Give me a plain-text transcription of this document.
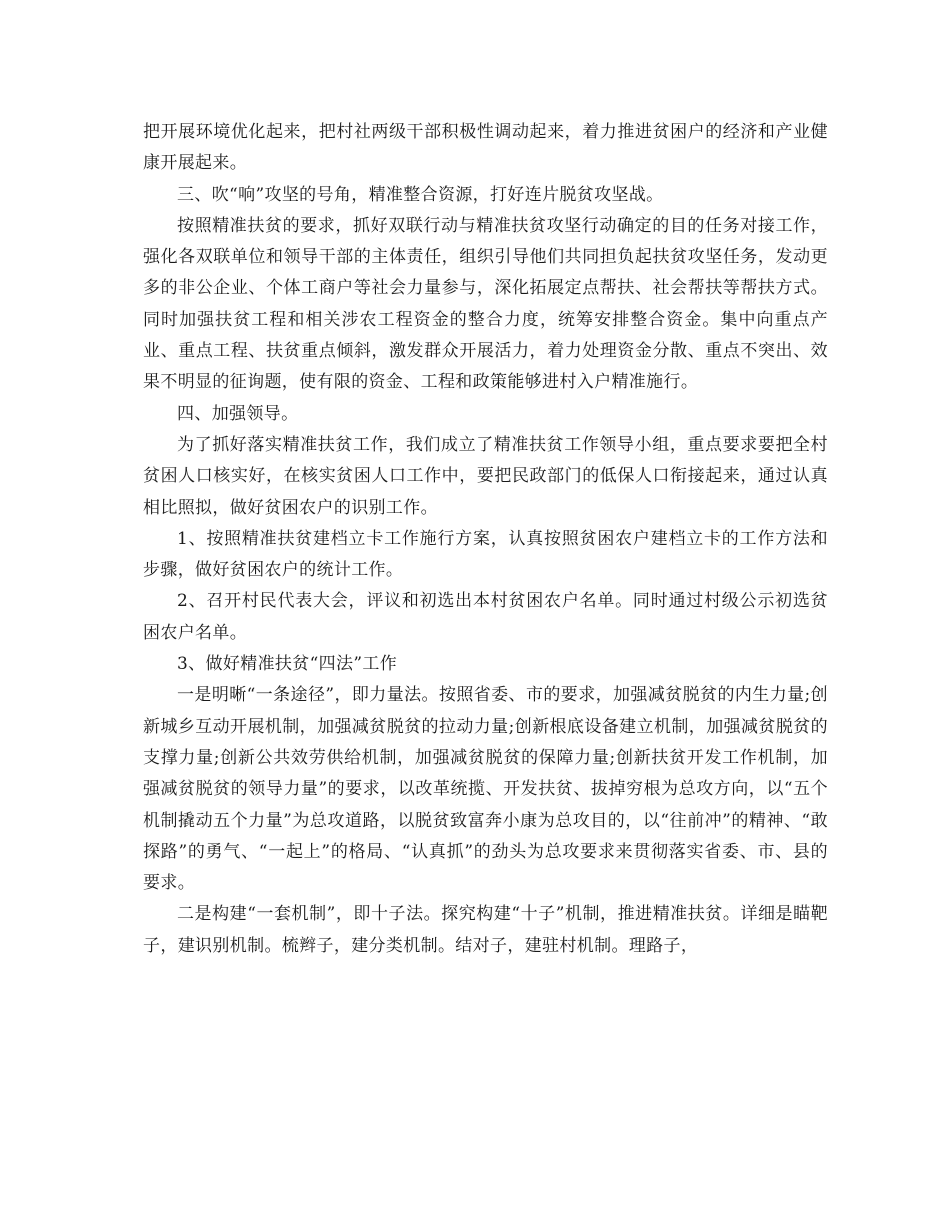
把开展环境优化起来，把村社两级干部积极性调动起来，着力推进贫困户的经济和产业健康开展起来。

三、吹“响”攻坚的号角，精准整合资源，打好连片脱贫攻坚战。

按照精准扶贫的要求，抓好双联行动与精准扶贫攻坚行动确定的目的任务对接工作，强化各双联单位和领导干部的主体责任，组织引导他们共同担负起扶贫攻坚任务，发动更多的非公企业、个体工商户等社会力量参与，深化拓展定点帮扶、社会帮扶等帮扶方式。同时加强扶贫工程和相关涉农工程资金的整合力度，统筹安排整合资金。集中向重点产业、重点工程、扶贫重点倾斜，激发群众开展活力，着力处理资金分散、重点不突出、效果不明显的征询题，使有限的资金、工程和政策能够进村入户精准施行。

四、加强领导。

为了抓好落实精准扶贫工作，我们成立了精准扶贫工作领导小组，重点要求要把全村贫困人口核实好，在核实贫困人口工作中，要把民政部门的低保人口衔接起来，通过认真相比照拟，做好贫困农户的识别工作。

1、按照精准扶贫建档立卡工作施行方案，认真按照贫困农户建档立卡的工作方法和步骤，做好贫困农户的统计工作。

2、召开村民代表大会，评议和初选出本村贫困农户名单。同时通过村级公示初选贫困农户名单。

3、做好精准扶贫“四法”工作

一是明晰“一条途径”，即力量法。按照省委、市的要求，加强减贫脱贫的内生力量;创新城乡互动开展机制，加强减贫脱贫的拉动力量;创新根底设备建立机制，加强减贫脱贫的支撑力量;创新公共效劳供给机制，加强减贫脱贫的保障力量;创新扶贫开发工作机制，加强减贫脱贫的领导力量”的要求，以改革统揽、开发扶贫、拔掉穷根为总攻方向，以“五个机制撬动五个力量”为总攻道路，以脱贫致富奔小康为总攻目的，以“往前冲”的精神、“敢探路”的勇气、“一起上”的格局、“认真抓”的劲头为总攻要求来贯彻落实省委、市、县的要求。

二是构建“一套机制”，即十子法。探究构建“十子”机制，推进精准扶贫。详细是瞄靶子，建识别机制。梳辫子，建分类机制。结对子，建驻村机制。理路子，
